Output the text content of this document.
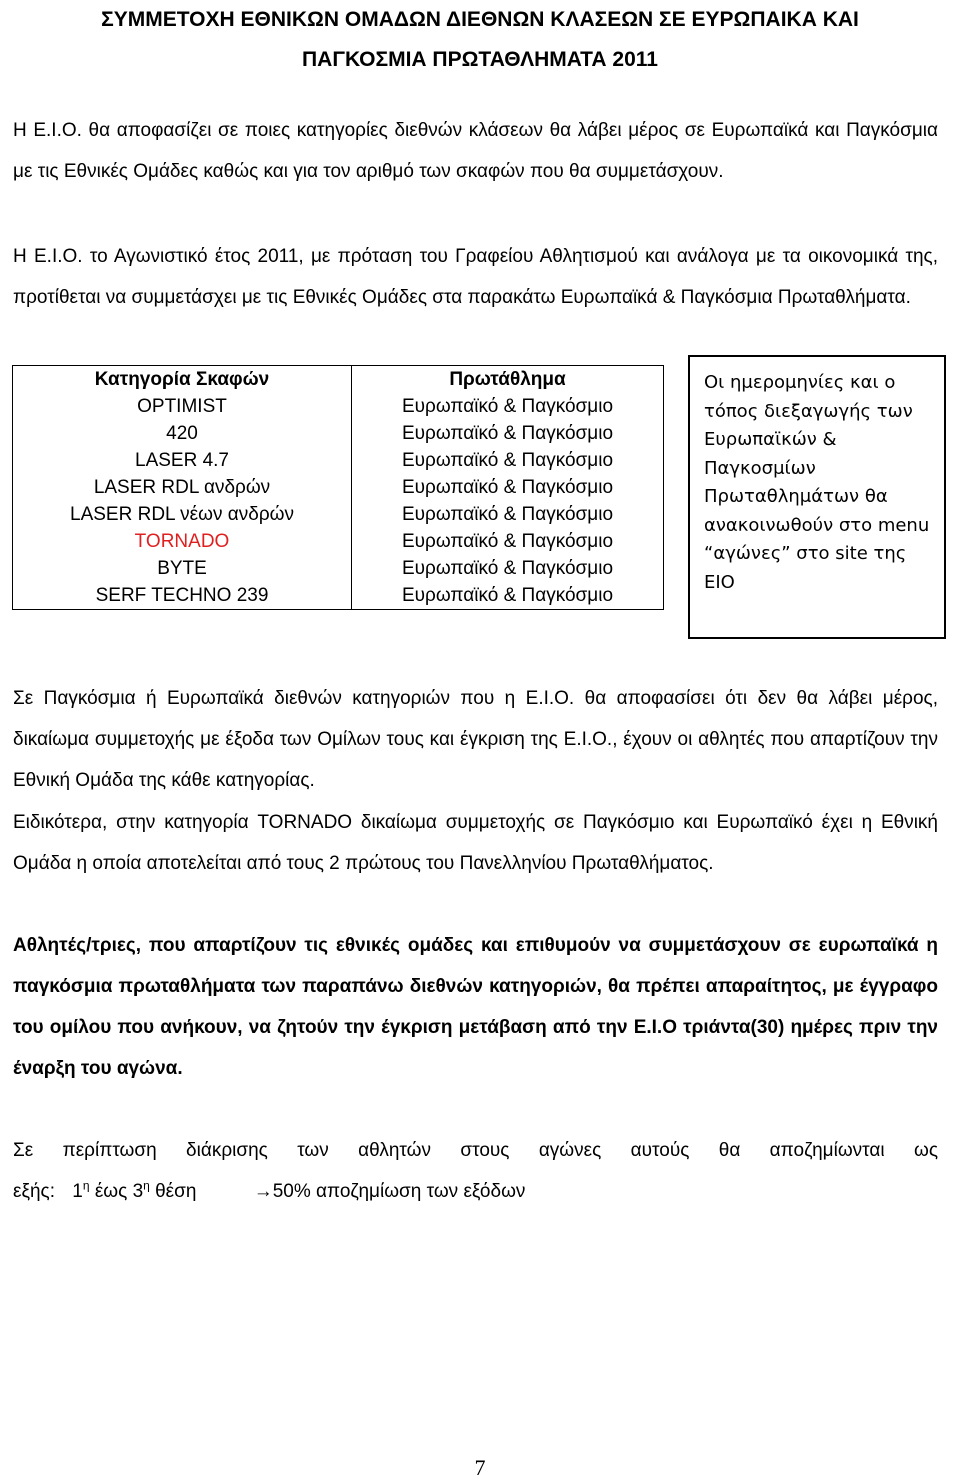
ΣΥΜΜΕΤΟΧΗ ΕΘΝΙΚΩΝ ΟΜΑΔΩΝ ΔΙΕΘΝΩΝ ΚΛΑΣΕΩΝ ΣΕ ΕΥΡΩΠΑΙΚΑ ΚΑΙ
ΠΑΓΚΟΣΜΙΑ ΠΡΩΤΑΘΛΗΜΑΤΑ 2011
Η Ε.Ι.Ο. θα αποφασίζει σε ποιες κατηγορίες διεθνών κλάσεων θα λάβει μέρος σε Ευρωπαϊκά και Παγκόσμια με τις Εθνικές Ομάδες καθώς και για τον αριθμό των σκαφών που θα συμμετάσχουν.
Η Ε.Ι.Ο. το Αγωνιστικό έτος 2011, με πρόταση του Γραφείου Αθλητισμού και ανάλογα με τα οικονομικά της, προτίθεται να συμμετάσχει με τις Εθνικές Ομάδες στα παρακάτω Ευρωπαϊκά & Παγκόσμια Πρωταθλήματα.
Κατηγορία Σκαφών	Πρωτάθλημα
OPTIMIST	Ευρωπαϊκό & Παγκόσμιο
420	Ευρωπαϊκό & Παγκόσμιο
LASER 4.7	Ευρωπαϊκό & Παγκόσμιο
LASER RDL ανδρών	Ευρωπαϊκό & Παγκόσμιο
LASER RDL νέων ανδρών	Ευρωπαϊκό & Παγκόσμιο
TORNADO	Ευρωπαϊκό & Παγκόσμιο
BYTE	Ευρωπαϊκό & Παγκόσμιο
SERF TECHNO 239	Ευρωπαϊκό & Παγκόσμιο
Οι ημερομηνίες και ο τόπος διεξαγωγής των Ευρωπαϊκών & Παγκοσμίων Πρωταθλημάτων θα ανακοινωθούν στο menu “αγώνες” στο site της ΕΙΟ
Σε Παγκόσμια ή Ευρωπαϊκά διεθνών κατηγοριών που η Ε.Ι.Ο. θα αποφασίσει ότι δεν θα λάβει μέρος, δικαίωμα συμμετοχής με έξοδα των Ομίλων τους και έγκριση της Ε.Ι.Ο., έχουν οι αθλητές που απαρτίζουν την Εθνική Ομάδα της κάθε κατηγορίας.
Ειδικότερα, στην κατηγορία TORNADO δικαίωμα συμμετοχής σε Παγκόσμιο και Ευρωπαϊκό έχει η Εθνική Ομάδα η οποία αποτελείται από τους 2 πρώτους του Πανελληνίου Πρωταθλήματος.
Αθλητές/τριες, που απαρτίζουν τις εθνικές ομάδες και επιθυμούν να συμμετάσχουν σε ευρωπαϊκά η παγκόσμια πρωταθλήματα των παραπάνω διεθνών κατηγοριών, θα πρέπει απαραίτητος, με έγγραφο του ομίλου που ανήκουν, να ζητούν την έγκριση μετάβαση από την Ε.Ι.Ο τριάντα(30) ημέρες πριν την έναρξη του αγώνα.
Σε περίπτωση διάκρισης των αθλητών στους αγώνες αυτούς θα αποζημίωνται ως
εξής: $1^\eta$ έως $3^\eta$ θέση	→50% αποζημίωση των εξόδων
7
